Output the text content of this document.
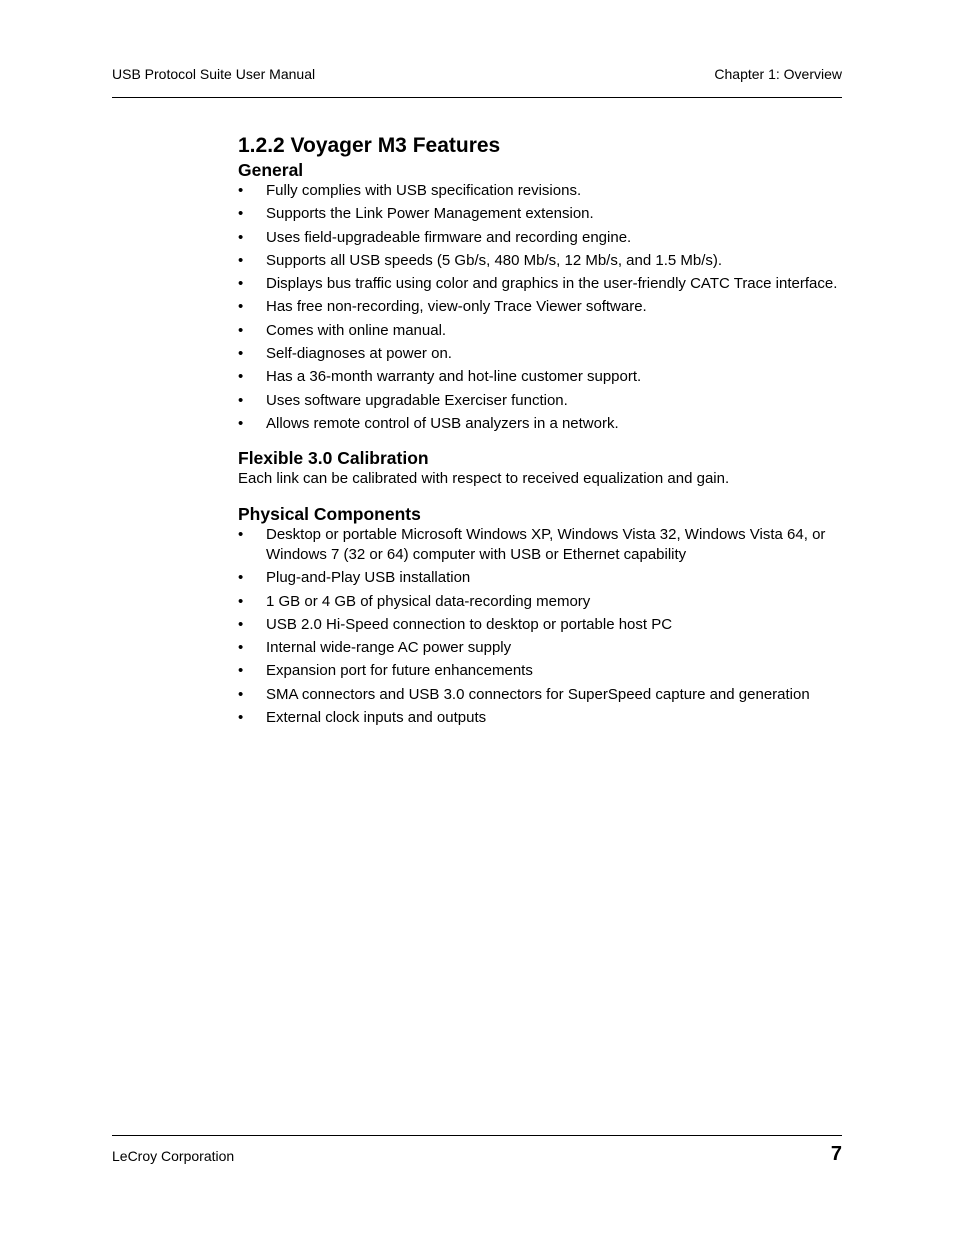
USB Protocol Suite User Manual	Chapter 1: Overview
1.2.2 Voyager M3 Features
General
• Fully complies with USB specification revisions.
• Supports the Link Power Management extension.
• Uses field-upgradeable firmware and recording engine.
• Supports all USB speeds (5 Gb/s, 480 Mb/s, 12 Mb/s, and 1.5 Mb/s).
• Displays bus traffic using color and graphics in the user-friendly CATC Trace interface.
• Has free non-recording, view-only Trace Viewer software.
• Comes with online manual.
• Self-diagnoses at power on.
• Has a 36-month warranty and hot-line customer support.
• Uses software upgradable Exerciser function.
• Allows remote control of USB analyzers in a network.
Flexible 3.0 Calibration

Each link can be calibrated with respect to received equalization and gain.

Physical Components
• Desktop or portable Microsoft Windows XP, Windows Vista 32, Windows Vista 64, or Windows 7 (32 or 64) computer with USB or Ethernet capability
• Plug-and-Play USB installation
• 1 GB or 4 GB of physical data-recording memory
• USB 2.0 Hi-Speed connection to desktop or portable host PC
• Internal wide-range AC power supply
• Expansion port for future enhancements
• SMA connectors and USB 3.0 connectors for SuperSpeed capture and generation
• External clock inputs and outputs
LeCroy Corporation	7
